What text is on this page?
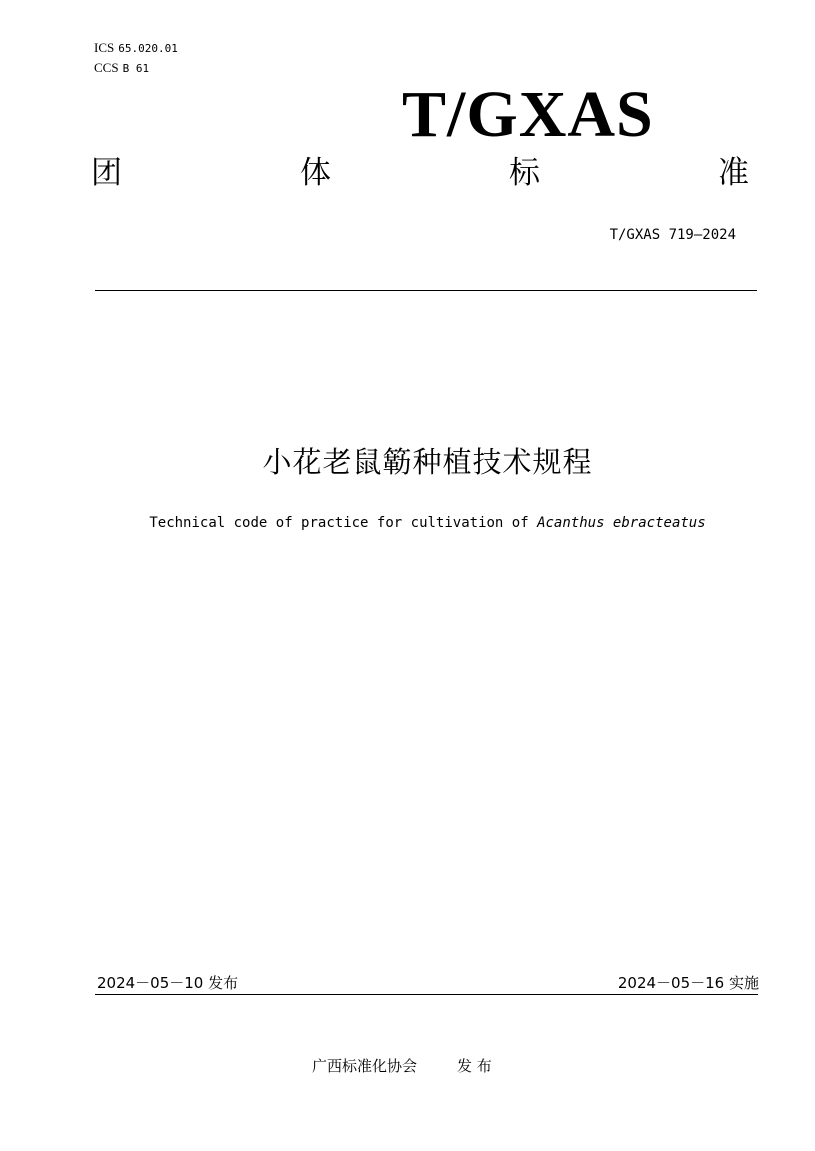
ICS 65.020.01
CCS B 61
T/GXAS
团	体	标	准
T/GXAS 719—2024
小花老鼠簕种植技术规程
Technical code of practice for cultivation of Acanthus ebracteatus
2024－05－10 发布	2024－05－16 实施
广西标准化协会	发 布
